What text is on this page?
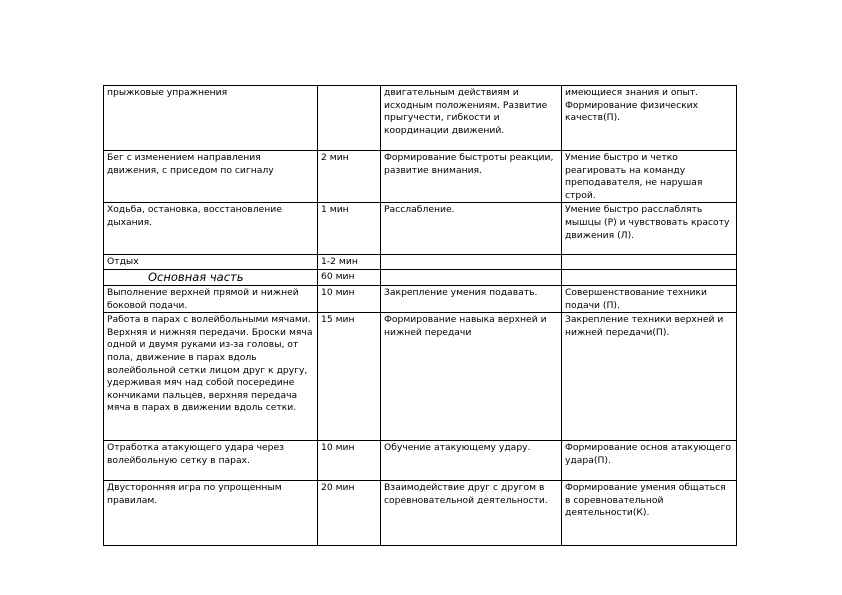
прыжковые упражнения		двигательным действиям и исходным положениям. Развитие прыгучести, гибкости и координации движений.	имеющиеся знания и опыт. Формирование физических качеств(П).
Бег с изменением направления движения, с приседом по сигналу	2 мин	Формирование быстроты реакции, развитие внимания.	Умение быстро и четко реагировать на команду преподавателя, не нарушая строй.
Ходьба, остановка, восстановление дыхания.	1 мин	Расслабление.	Умение быстро расслаблять мышцы (Р) и чувствовать красоту движения (Л).
Отдых	1-2 мин		
Основная часть	60 мин		
Выполнение верхней прямой и нижней боковой подачи.	10 мин	Закрепление умения подавать.	Совершенствование техники подачи (П).
Работа в парах с волейбольными мячами. Верхняя и нижняя передачи. Броски мяча одной и двумя руками из-за головы, от пола, движение в парах вдоль волейбольной сетки лицом друг к другу, удерживая мяч над собой посередине кончиками пальцев, верхняя передача мяча в парах в движении вдоль сетки.	15 мин	Формирование навыка верхней и нижней передачи	Закрепление техники верхней и нижней передачи(П).
Отработка атакующего удара через волейбольную сетку в парах.	10 мин	Обучение атакующему удару.	Формирование основ атакующего удара(П).
Двусторонняя игра по упрощенным правилам.	20 мин	Взаимодействие друг с другом в соревновательной деятельности.	Формирование умения общаться в соревновательной деятельности(К).
